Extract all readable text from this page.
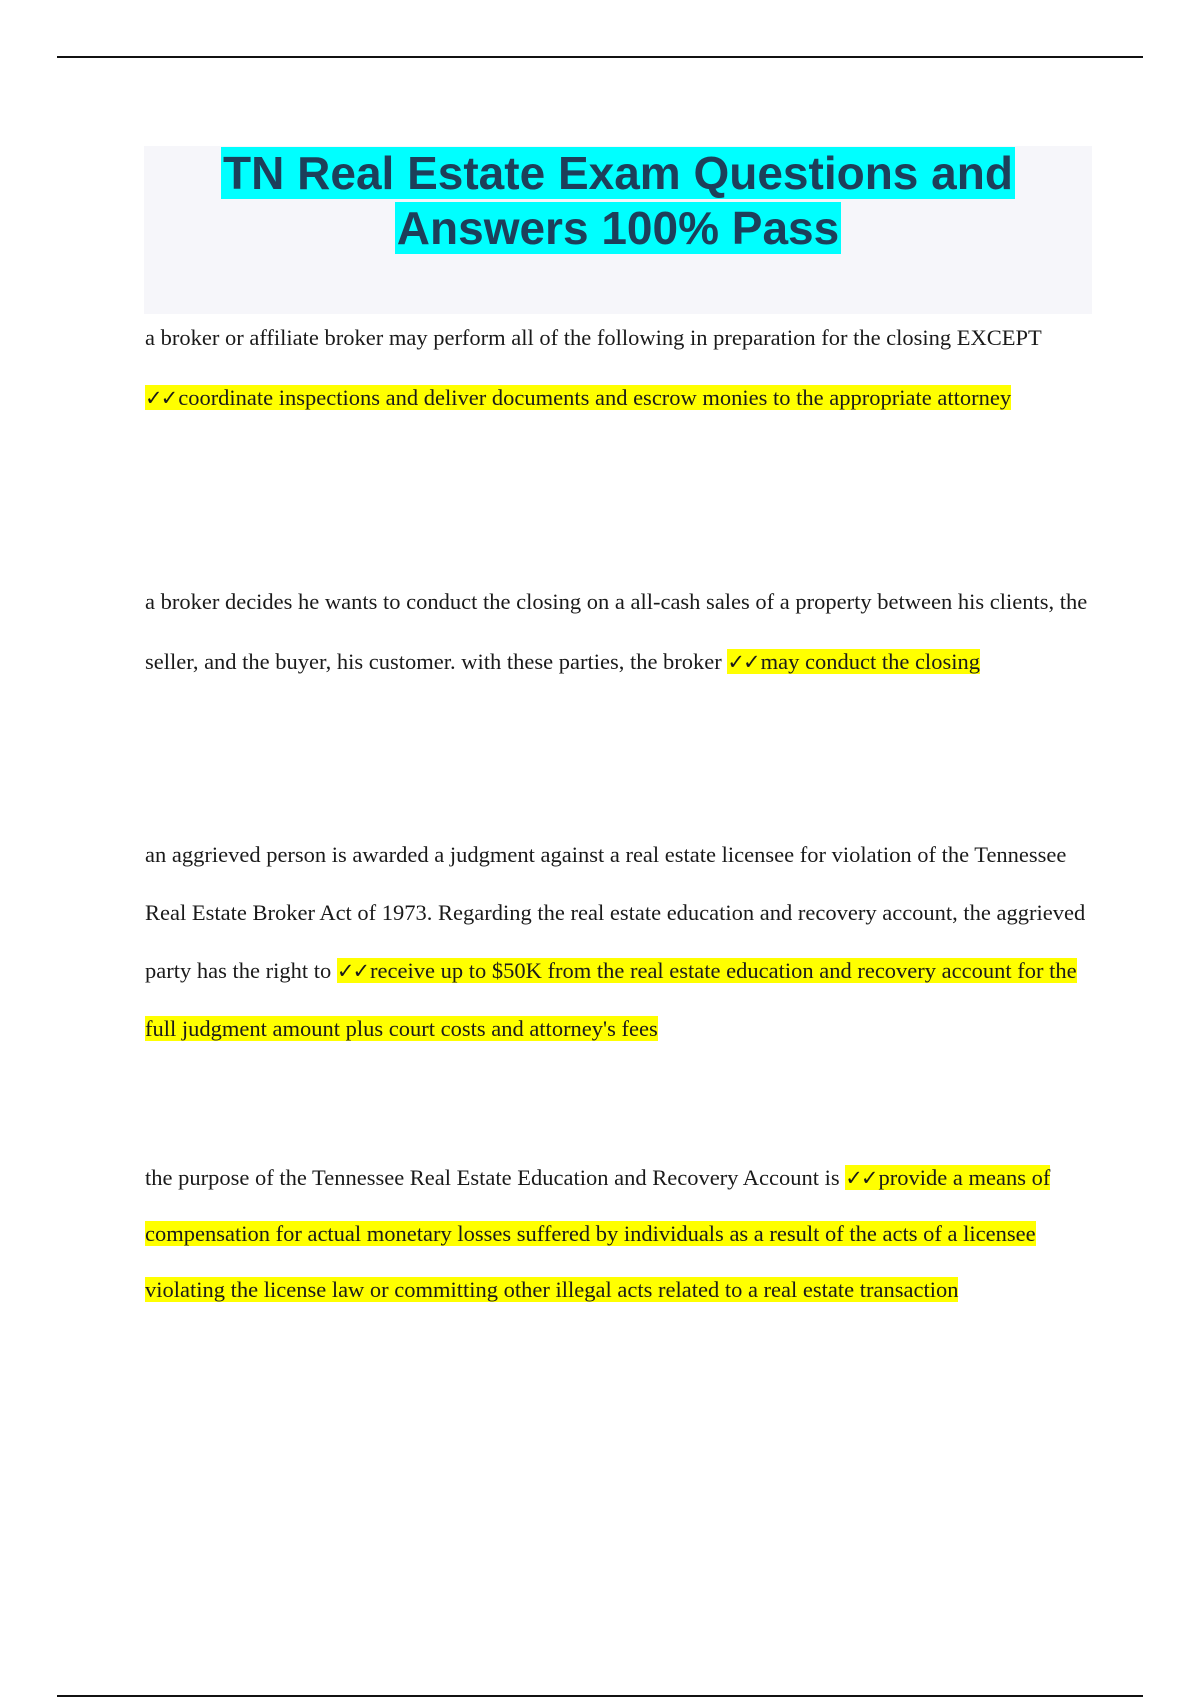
TN Real Estate Exam Questions and
Answers 100% Pass

a broker or affiliate broker may perform all of the following in preparation for the closing EXCEPT ✓✓coordinate inspections and deliver documents and escrow monies to the appropriate attorney

a broker decides he wants to conduct the closing on a all-cash sales of a property between his clients, the seller, and the buyer, his customer. with these parties, the broker ✓✓may conduct the closing

an aggrieved person is awarded a judgment against a real estate licensee for violation of the Tennessee Real Estate Broker Act of 1973. Regarding the real estate education and recovery account, the aggrieved party has the right to ✓✓receive up to $50K from the real estate education and recovery account for the full judgment amount plus court costs and attorney's fees

the purpose of the Tennessee Real Estate Education and Recovery Account is ✓✓provide a means of compensation for actual monetary losses suffered by individuals as a result of the acts of a licensee violating the license law or committing other illegal acts related to a real estate transaction
